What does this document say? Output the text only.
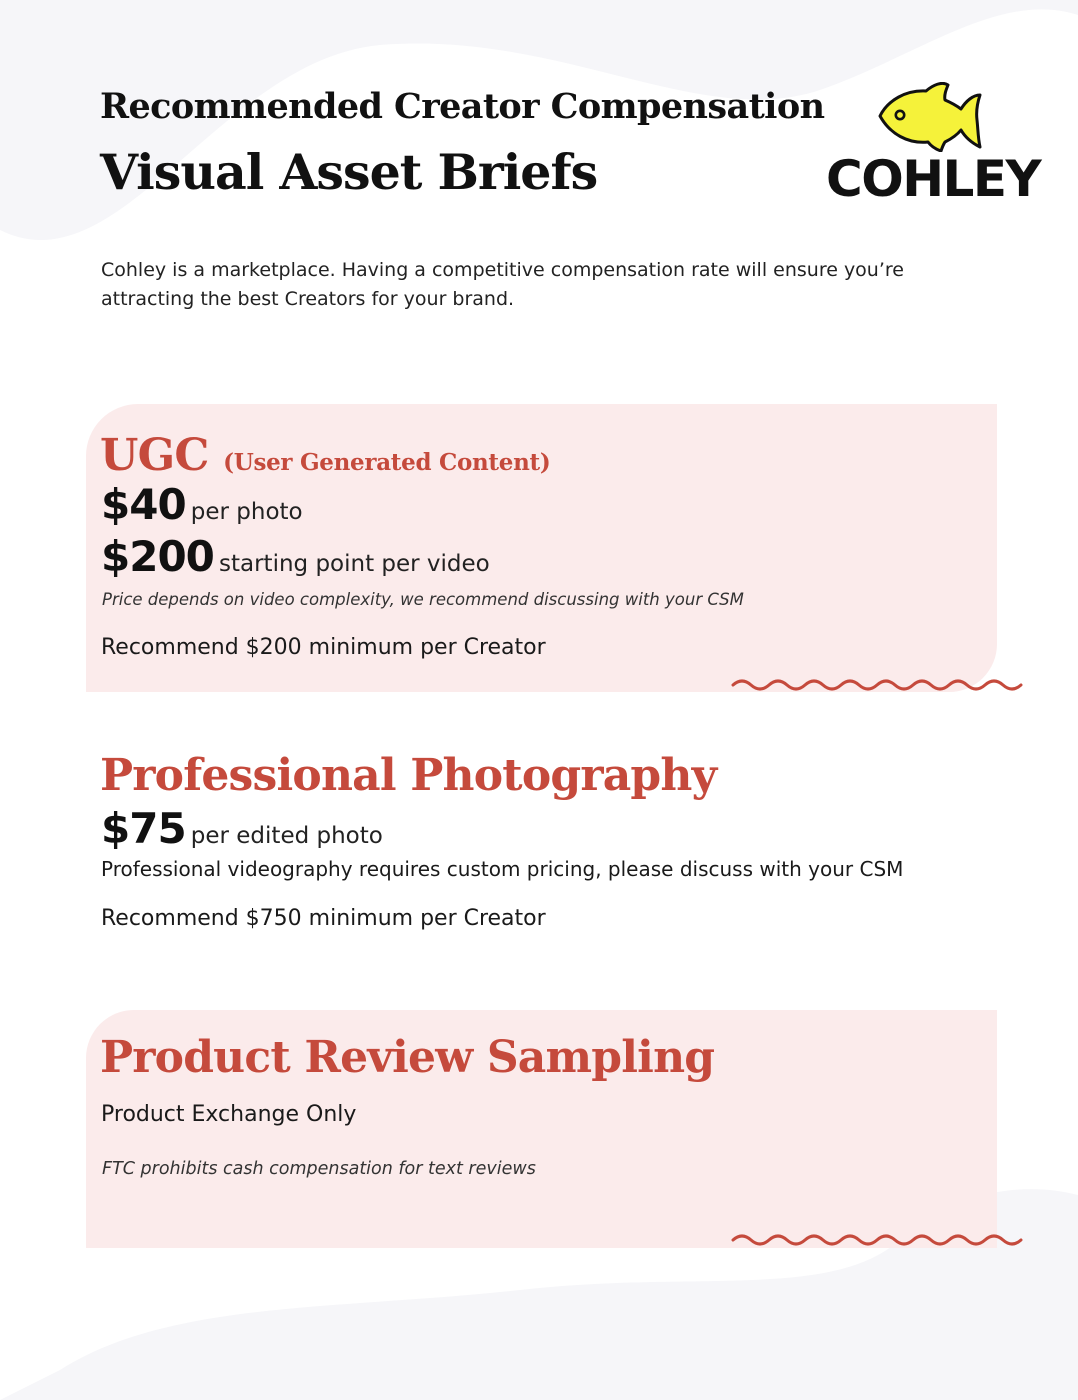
Recommended Creator Compensation
Visual Asset Briefs	COHLEY
Cohley is a marketplace. Having a competitive compensation rate will ensure you’re
attracting the best Creators for your brand.
UGC (User Generated Content)
$40 per photo
$200 starting point per video
Price depends on video complexity, we recommend discussing with your CSM
Recommend $200 minimum per Creator
Professional Photography
$75 per edited photo
Professional videography requires custom pricing, please discuss with your CSM
Recommend $750 minimum per Creator
Product Review Sampling
Product Exchange Only
FTC prohibits cash compensation for text reviews
